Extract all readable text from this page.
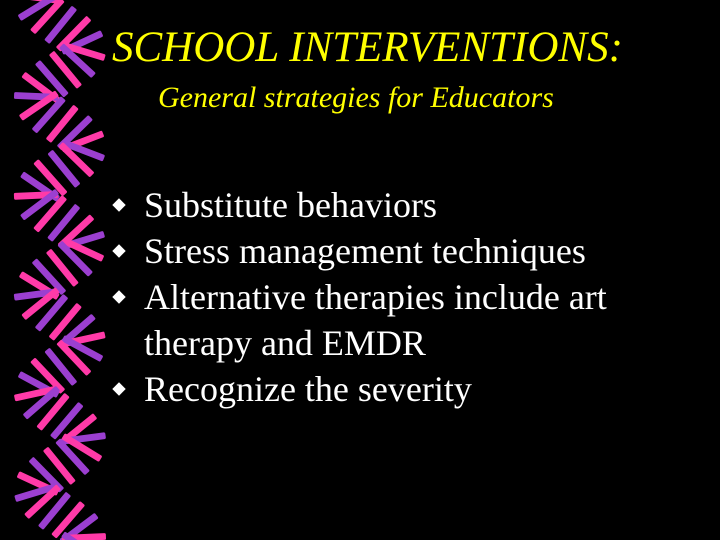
SCHOOL INTERVENTIONS:
General strategies for Educators
Substitute behaviors
Stress management techniques
Alternative therapies include art therapy and EMDR
Recognize the severity
